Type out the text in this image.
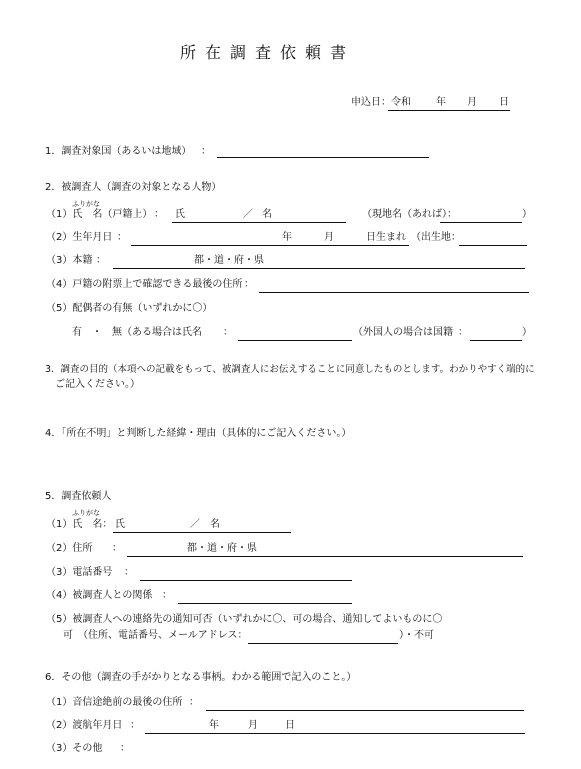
所在調査依頼書
申込日：令和	年 月 日
1．調査対象国（あるいは地域） ：
2．被調査人（調査の対象となる人物）
ふりがな
（1）氏　名（戸籍上） ： 氏	／ 名	（現地名（あれば）：	）
（2）生年月日 ：	年	月	日生まれ （出生地：
（3）本籍 ：	都・道・府・県
（4）戸籍の附票上で確認できる最後の住所 ：
（5）配偶者の有無（いずれかに〇）
有　・　無（ある場合は氏名 ：	（外国人の場合は国籍 ：	）
3．調査の目的（本項への記載をもって、被調査人にお伝えすることに同意したものとします。わかりやすく端的に
ご記入ください。）
4．「所在不明」と判断した経緯・理由（具体的にご記入ください。）
5．調査依頼人
ふりがな
（1）氏　名： 氏	／ 名
（2）住所 ：	都・道・府・県
（3）電話番号 ：
（4）被調査人との関係 ：
（5）被調査人への連絡先の通知可否（いずれかに〇、可の場合、通知してよいものに〇
可　（住所、電話番号、メールアドレス：	）・不可
6．その他（調査の手がかりとなる事柄。わかる範囲で記入のこと。）
（1）音信途絶前の最後の住所 ：
（2）渡航年月日 ：	年	月	日
（3）その他 ：
